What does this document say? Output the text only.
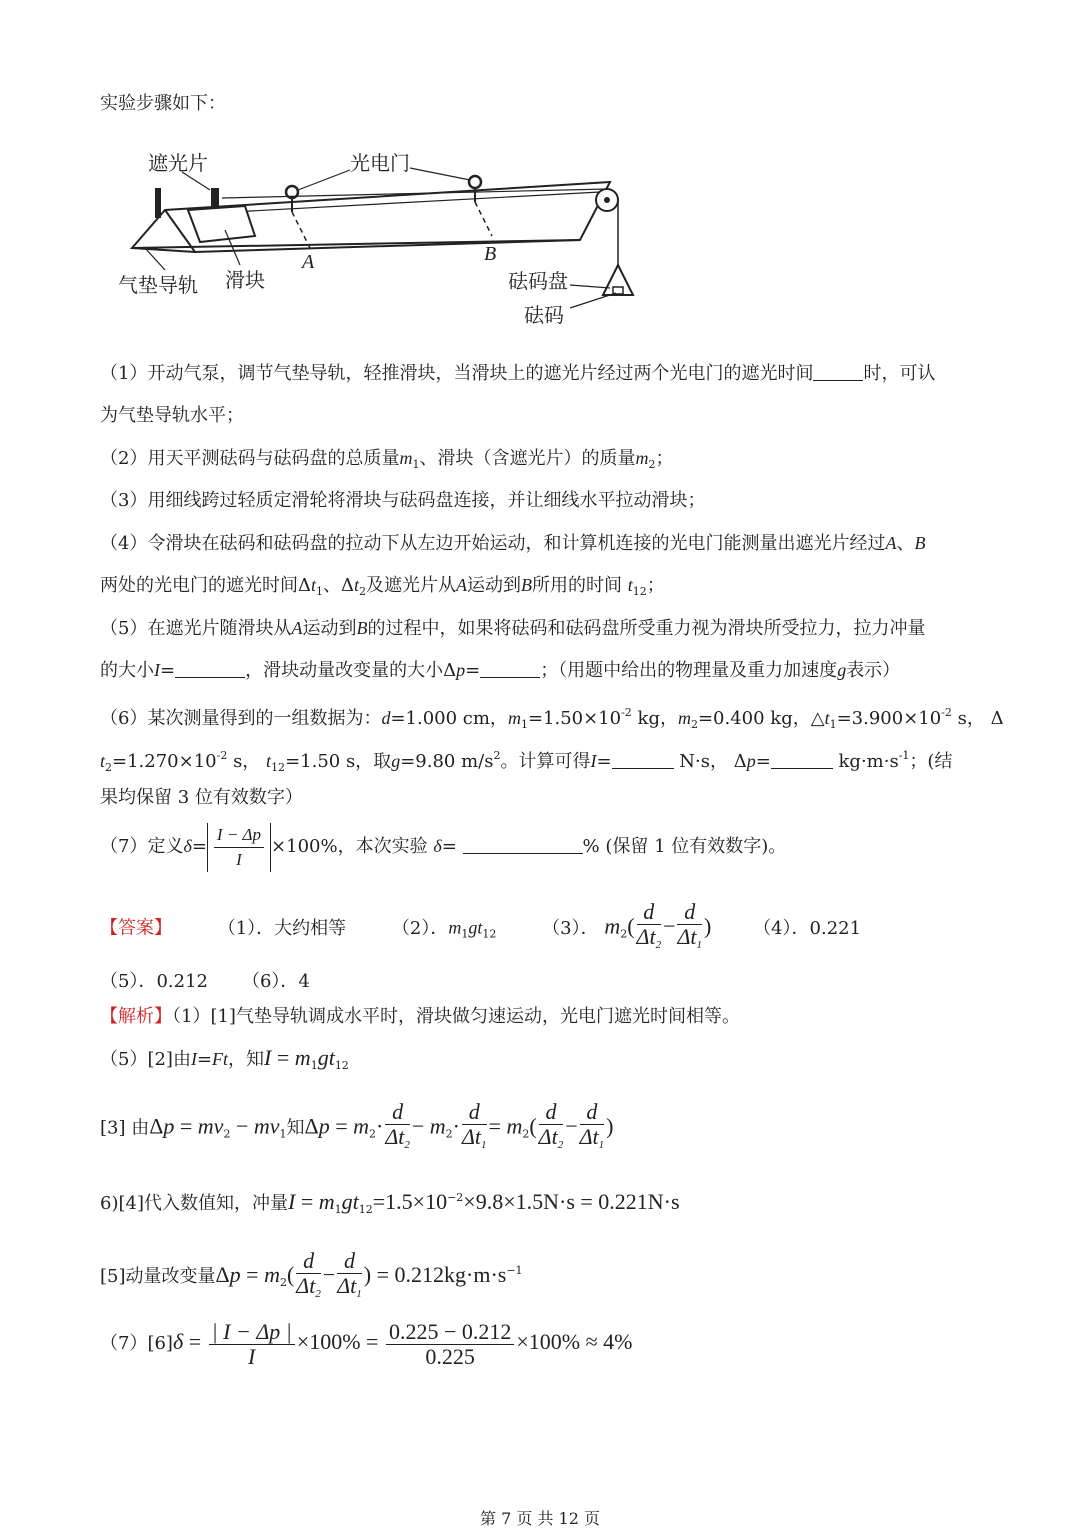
实验步骤如下：
遮光片	光电门
气垫导轨 滑块
A	B
砝码盘
砝码
（1）开动气泵，调节气垫导轨，轻推滑块，当滑块上的遮光片经过两个光电门的遮光时间	时，可认
为气垫导轨水平；
（2）用天平测砝码与砝码盘的总质量$m_1$、滑块（含遮光片）的质量$m_2$；
（3）用细线跨过轻质定滑轮将滑块与砝码盘连接，并让细线水平拉动滑块；
（4）令滑块在砝码和砝码盘的拉动下从左边开始运动，和计算机连接的光电门能测量出遮光片经过A、B
两处的光电门的遮光时间$\Delta t_1$、$\Delta t_2$及遮光片从A运动到B所用的时间 $t_{12}$；
（5）在遮光片随滑块从A运动到B的过程中，如果将砝码和砝码盘所受重力视为滑块所受拉力，拉力冲量
的大小I=	，滑块动量改变量的大小Δp=	；（用题中给出的物理量及重力加速度g表示）
（6）某次测量得到的一组数据为：d=1.000 cm，$m_1=1.50\times 10^{-2}$ kg，$m_2=0.400$ kg，$\triangle t_1=3.900\times 10^{-2}$ s， Δ
$t_2=1.270\times 10^{-2}$ s， $t_{12}=1.50$ s，取g=9.80 $m/s^2$。计算可得I=	N·s， Δp=	$kg\cdot m\cdot s^{-1}$；(结
果均保留 3 位有效数字）
（7）定义$\delta= \frac{I - \Delta p}{I} \times 100\%$，本次实验 δ=	% (保留 1 位有效数字)。
【答案】	（1）．大约相等	（2）．$m_1gt_{12}$	（3）． $m_2( \frac{d}{\Delta t_2} - \frac{d}{\Delta t_1}$ ) （4）．0.221
（5）．0.212 （6）．4
【解析】（1）[1]气垫导轨调成水平时，滑块做匀速运动，光电门遮光时间相等。
（5）[2]由I=Ft，知$I = m_1gt_{12}$
[3] 由$\Delta p = mv_2 - mv_1$知$\Delta p = m_2\cdot \frac{d}{\Delta t_2} - m_2\cdot \frac{d}{\Delta t_1} = m_2( \frac{d}{\Delta t_2} - \frac{d}{\Delta t_1}$ )
6)[4]代入数值知，冲量$I = m_1gt_{12}=1.5\times 10^{-2}\times 9.8\times 1.5N\cdot s = 0.221N\cdot s$
[5]动量改变量$\Delta p = m_2( \frac{d}{\Delta t_2} - \frac{d}{\Delta t_1}$ ) = $0.212kg\cdot m\cdot s^{-1}$
$(7)[6]\delta = \frac{| I - \Delta p |}{I} \times 100\% = \frac{0.225 - 0.212}{0.225} \times 100\% \approx 4\%$
第 7 页 共 12 页
